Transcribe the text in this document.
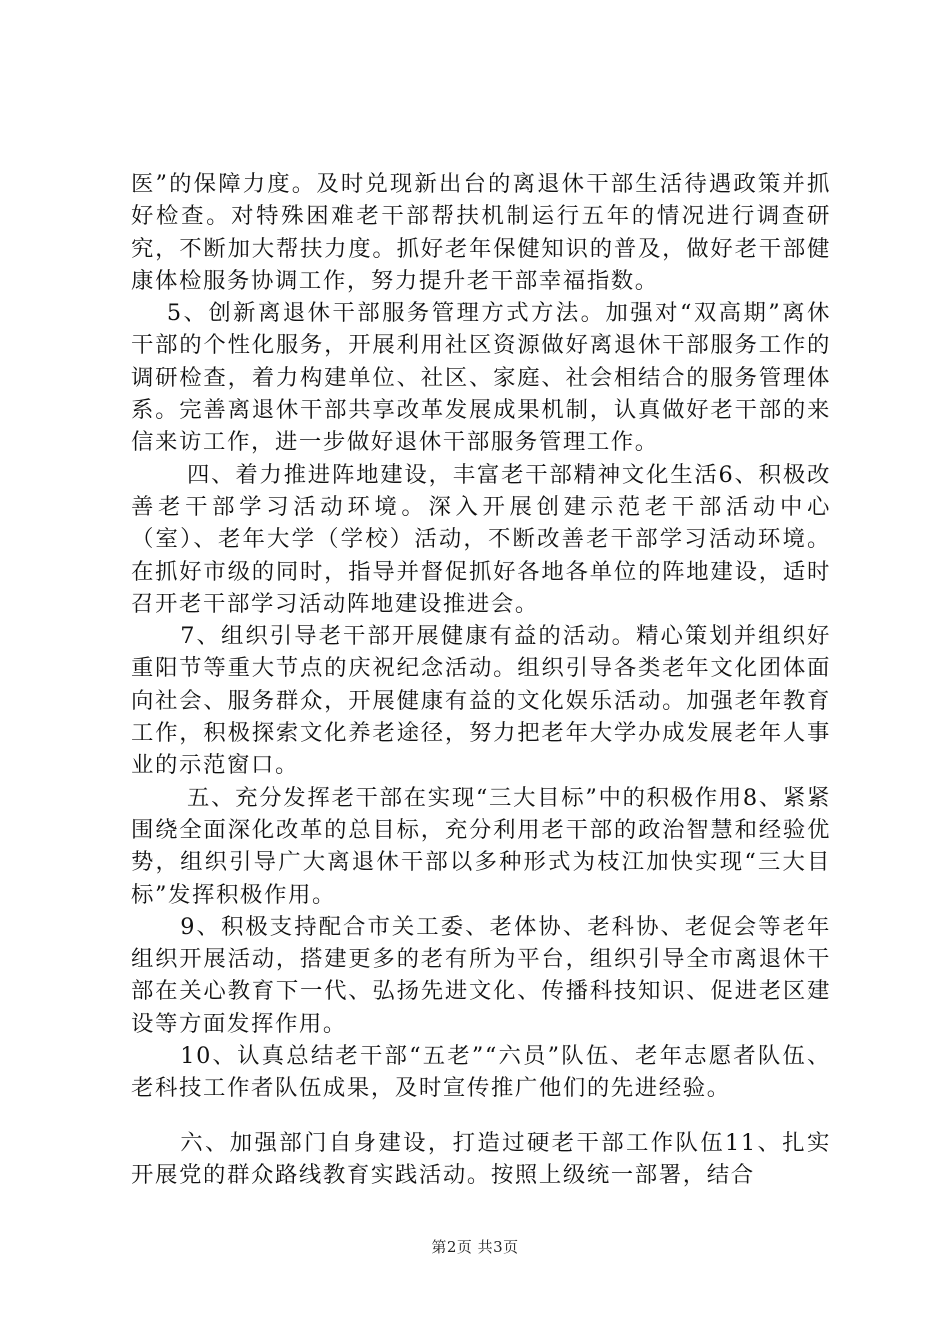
医”的保障力度。及时兑现新出台的离退休干部生活待遇政策并抓好检查。对特殊困难老干部帮扶机制运行五年的情况进行调查研究，不断加大帮扶力度。抓好老年保健知识的普及，做好老干部健康体检服务协调工作，努力提升老干部幸福指数。

5、创新离退休干部服务管理方式方法。加强对“双高期”离休干部的个性化服务，开展利用社区资源做好离退休干部服务工作的调研检查，着力构建单位、社区、家庭、社会相结合的服务管理体系。完善离退休干部共享改革发展成果机制，认真做好老干部的来信来访工作，进一步做好退休干部服务管理工作。

四、着力推进阵地建设，丰富老干部精神文化生活6、积极改善老干部学习活动环境。深入开展创建示范老干部活动中心（室）、老年大学（学校）活动，不断改善老干部学习活动环境。在抓好市级的同时，指导并督促抓好各地各单位的阵地建设，适时召开老干部学习活动阵地建设推进会。

7、组织引导老干部开展健康有益的活动。精心策划并组织好重阳节等重大节点的庆祝纪念活动。组织引导各类老年文化团体面向社会、服务群众，开展健康有益的文化娱乐活动。加强老年教育工作，积极探索文化养老途径，努力把老年大学办成发展老年人事业的示范窗口。

五、充分发挥老干部在实现“三大目标”中的积极作用8、紧紧围绕全面深化改革的总目标，充分利用老干部的政治智慧和经验优势，组织引导广大离退休干部以多种形式为枝江加快实现“三大目标”发挥积极作用。

9、积极支持配合市关工委、老体协、老科协、老促会等老年组织开展活动，搭建更多的老有所为平台，组织引导全市离退休干部在关心教育下一代、弘扬先进文化、传播科技知识、促进老区建设等方面发挥作用。

10、认真总结老干部“五老”“六员”队伍、老年志愿者队伍、老科技工作者队伍成果，及时宣传推广他们的先进经验。

六、加强部门自身建设，打造过硬老干部工作队伍11、扎实开展党的群众路线教育实践活动。按照上级统一部署，结合

第2页 共3页
